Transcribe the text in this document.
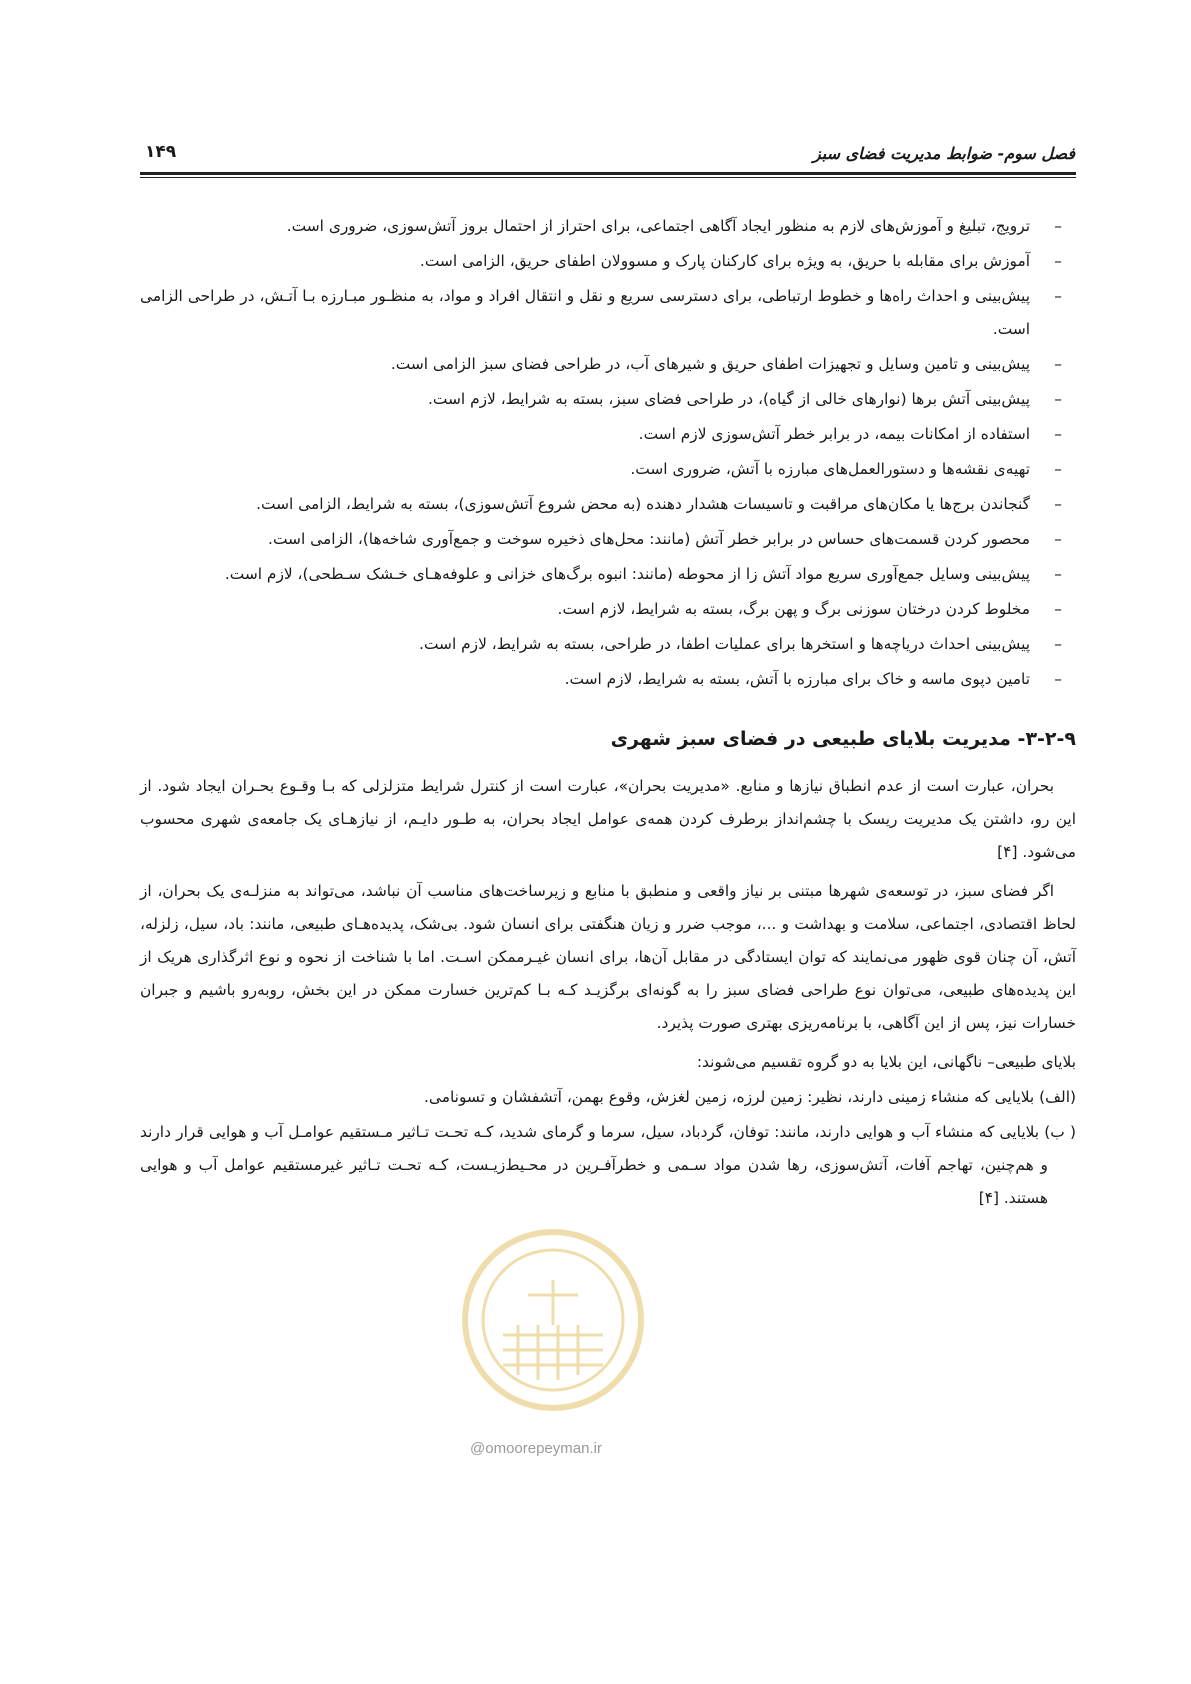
فصل سوم- ضوابط مدیریت فضای سبز
۱۴۹
–
ترویج، تبلیغ و آموزش‌های لازم به منظور ایجاد آگاهی اجتماعی، برای احتراز از احتمال بروز آتش‌سوزی، ضروری است.
–
آموزش برای مقابله با حریق، به ویژه برای کارکنان پارک و مسوولان اطفای حریق، الزامی است.
–
پیش‌بینی و احداث راه‌ها و خطوط ارتباطی، برای دسترسی سریع و نقل و انتقال افراد و مواد، به منظـور مبـارزه بـا آتـش، در طراحی الزامی است.
–
پیش‌بینی و تامین وسایل و تجهیزات اطفای حریق و شیرهای آب، در طراحی فضای سبز الزامی است.
–
پیش‌بینی آتش برها (نوارهای خالی از گیاه)، در طراحی فضای سبز، بسته به شرایط، لازم است.
–
استفاده از امکانات بیمه، در برابر خطر آتش‌سوزی لازم است.
–
تهیه‌ی نقشه‌ها و دستورالعمل‌های مبارزه با آتش، ضروری است.
–
گنجاندن برج‌ها یا مکان‌های مراقبت و تاسیسات هشدار دهنده (به محض شروع آتش‌سوزی)، بسته به شرایط، الزامی است.
–
محصور کردن قسمت‌های حساس در برابر خطر آتش (مانند: محل‌های ذخیره سوخت و جمع‌آوری شاخه‌ها)، الزامی است.
–
پیش‌بینی وسایل جمع‌آوری سریع مواد آتش زا از محوطه (مانند: انبوه برگ‌های خزانی و علوفه‌هـای خـشک سـطحی)، لازم است.
–
مخلوط کردن درختان سوزنی برگ و پهن برگ، بسته به شرایط، لازم است.
–
پیش‌بینی احداث دریاچه‌ها و استخرها برای عملیات اطفا، در طراحی، بسته به شرایط، لازم است.
–
تامین دپوی ماسه و خاک برای مبارزه با آتش، بسته به شرایط، لازم است.
۳-۲-۹- مدیریت بلایای طبیعی در فضای سبز شهری

بحران، عبارت است از عدم انطباق نیازها و منابع. «مدیریت بحران»، عبارت است از کنترل شرایط متزلزلی که بـا وقـوع بحـران ایجاد شود. از این رو، داشتن یک مدیریت ریسک با چشم‌انداز برطرف کردن همه‌ی عوامل ایجاد بحران، به طـور دایـم، از نیازهـای یک جامعه‌ی شهری محسوب می‌شود. [۴]

اگر فضای سبز، در توسعه‌ی شهرها مبتنی بر نیاز واقعی و منطبق با منابع و زیرساخت‌های مناسب آن نباشد، می‌تواند به منزلـه‌ی یک بحران، از لحاظ اقتصادی، اجتماعی، سلامت و بهداشت و ...، موجب ضرر و زیان هنگفتی برای انسان شود. بی‌شک، پدیده‌هـای طبیعی، مانند: باد، سیل، زلزله، آتش، آن چنان قوی ظهور می‌نمایند که توان ایستادگی در مقابل آن‌ها، برای انسان غیـرممکن اسـت. اما با شناخت از نحوه و نوع اثرگذاری هریک از این پدیده‌های طبیعی، می‌توان نوع طراحی فضای سبز را به گونه‌ای برگزیـد کـه بـا کم‌ترین خسارت ممکن در این بخش، روبه‌رو باشیم و جبران خسارات نیز، پس از این آگاهی، با برنامه‌ریزی بهتری صورت پذیرد.

بلایای طبیعی– ناگهانی، این بلایا به دو گروه تقسیم می‌شوند:

(الف) بلایایی که منشاء زمینی دارند، نظیر: زمین لرزه، زمین لغزش، وقوع بهمن، آتشفشان و تسونامی.

( ب) بلایایی که منشاء آب و هوایی دارند، مانند: توفان، گردباد، سیل، سرما و گرمای شدید، کـه تحـت تـاثیر مـستقیم عوامـل آب و هوایی قرار دارند و هم‌چنین، تهاجم آفات، آتش‌سوزی، رها شدن مواد سـمی و خطرآفـرین در محـیط‌زیـست، کـه تحـت تـاثیر غیرمستقیم عوامل آب و هوایی هستند. [۴]

@omoorepeyman.ir
